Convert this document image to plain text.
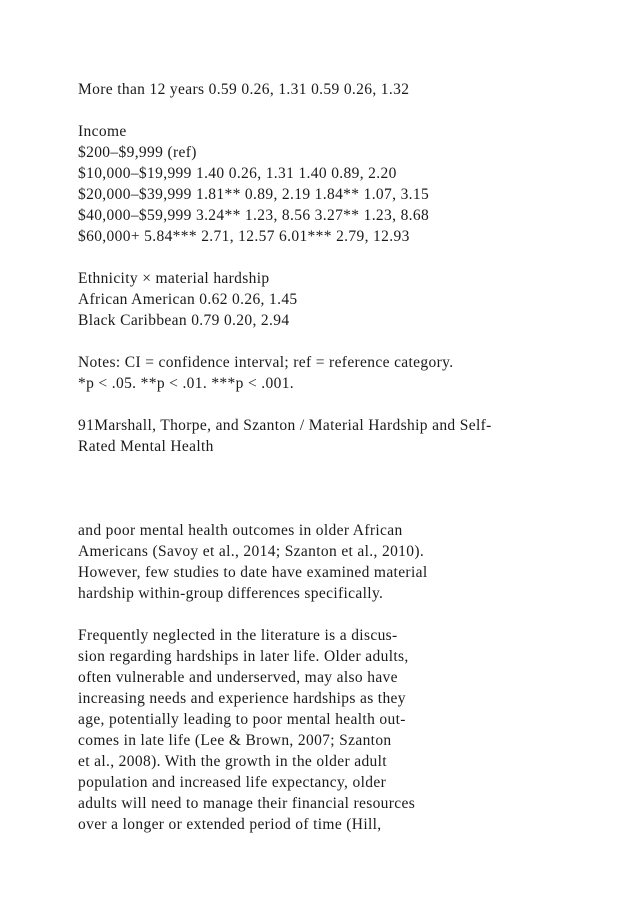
More than 12 years 0.59 0.26, 1.31 0.59 0.26, 1.32
Income
$200–$9,999 (ref)
$10,000–$19,999 1.40 0.26, 1.31 1.40 0.89, 2.20
$20,000–$39,999 1.81** 0.89, 2.19 1.84** 1.07, 3.15
$40,000–$59,999 3.24** 1.23, 8.56 3.27** 1.23, 8.68
$60,000+ 5.84*** 2.71, 12.57 6.01*** 2.79, 12.93
Ethnicity × material hardship
African American 0.62 0.26, 1.45
Black Caribbean 0.79 0.20, 2.94
Notes: CI = confidence interval; ref = reference category.
*p < .05. **p < .01. ***p < .001.
91Marshall, Thorpe, and Szanton / Material Hardship and Self-
Rated Mental Health
and poor mental health outcomes in older African
Americans (Savoy et al., 2014; Szanton et al., 2010).
However, few studies to date have examined material
hardship within-group differences specifically.
Frequently neglected in the literature is a discus-
sion regarding hardships in later life. Older adults,
often vulnerable and underserved, may also have
increasing needs and experience hardships as they
age, potentially leading to poor mental health out-
comes in late life (Lee & Brown, 2007; Szanton
et al., 2008). With the growth in the older adult
population and increased life expectancy, older
adults will need to manage their financial resources
over a longer or extended period of time (Hill,
